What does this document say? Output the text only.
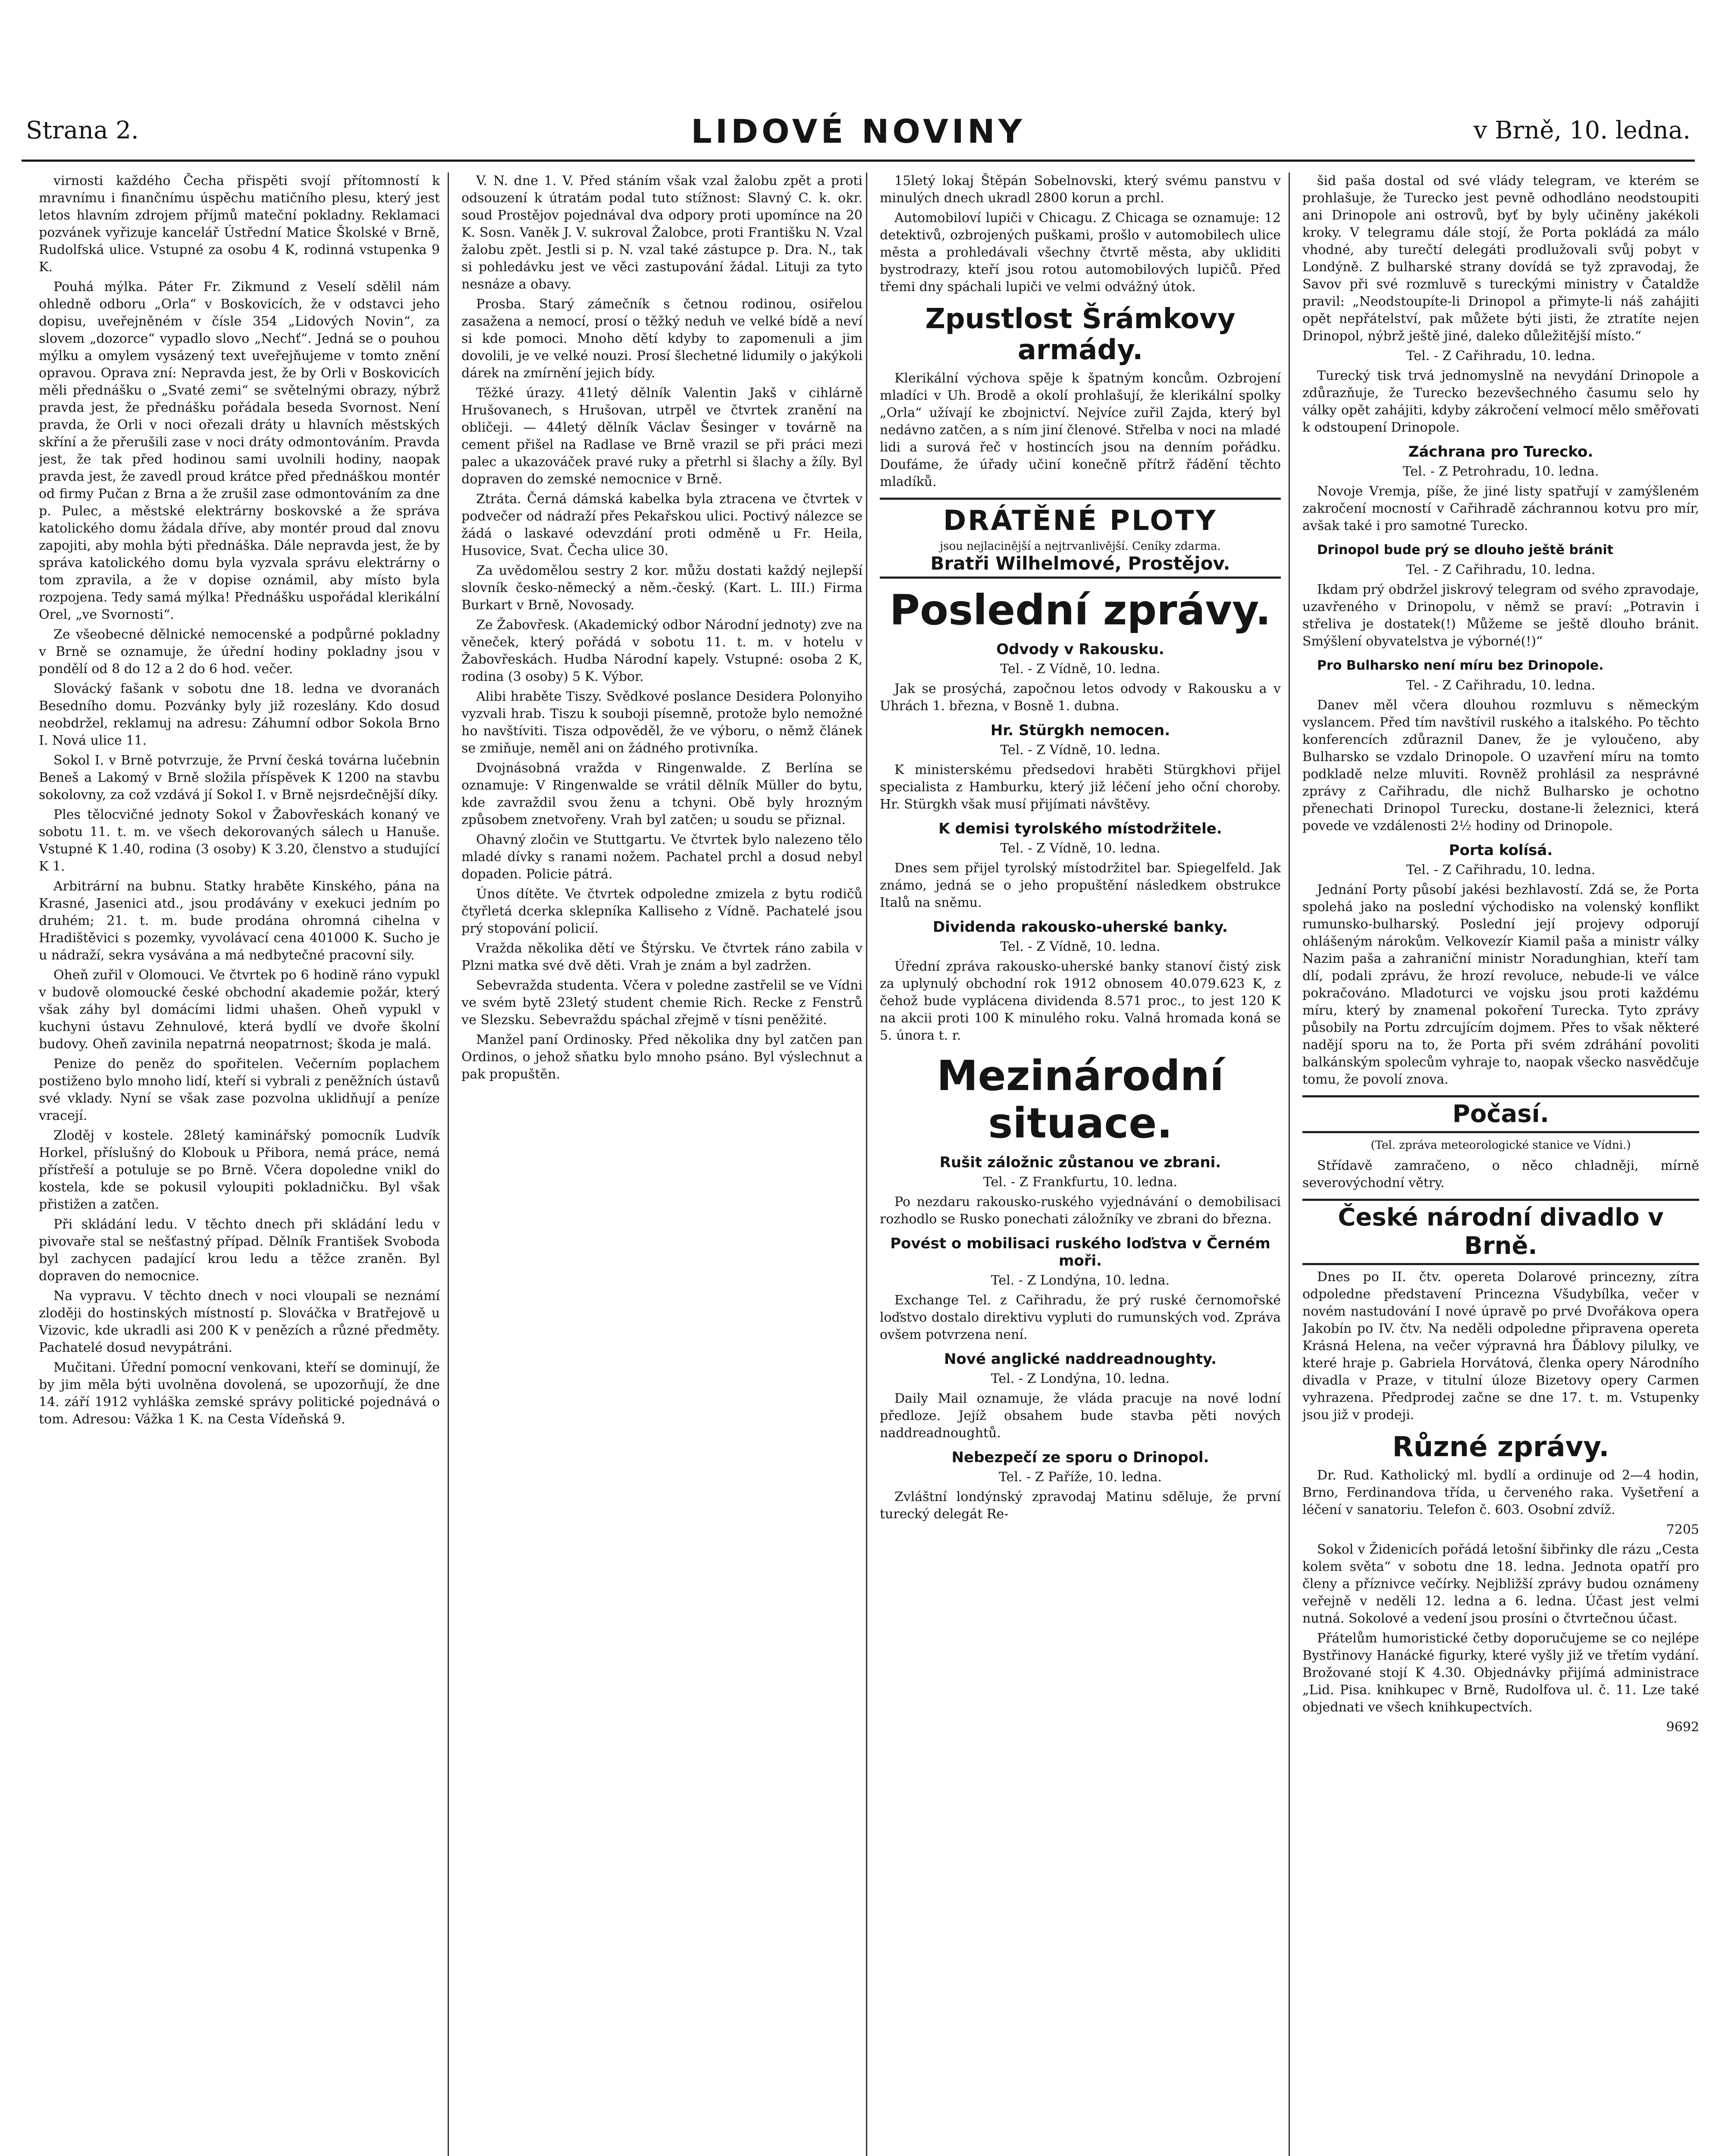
Strana 2.	LIDOVÉ NOVINY	v Brně, 10. ledna.

virnosti každého Čecha přispěti svojí přítomností k mravnímu i finančnímu úspěchu matičního plesu, který jest letos hlavním zdrojem příjmů mateční pokladny. Reklamaci pozvánek vyřizuje kancelář Ústřední Matice Školské v Brně, Rudolfská ulice. Vstupné za osobu 4 K, rodinná vstupenka 9 K.

Pouhá mýlka. Páter Fr. Zikmund z Veselí sdělil nám ohledně odboru „Orla“ v Boskovicích, že v odstavci jeho dopisu, uveřejněném v čísle 354 „Lidových Novin“, za slovem „dozorce“ vypadlo slovo „Nechť“. Jedná se o pouhou mýlku a omylem vysázený text uveřejňujeme v tomto znění opravou. Oprava zní: Nepravda jest, že by Orli v Boskovicích měli přednášku o „Svaté zemi“ se světelnými obrazy, nýbrž pravda jest, že přednášku pořádala beseda Svornost. Není pravda, že Orli v noci ořezali dráty u hlavních městských skříní a že přerušili zase v noci dráty odmontováním. Pravda jest, že tak před hodinou sami uvolnili hodiny, naopak pravda jest, že zavedl proud krátce před přednáškou montér od firmy Pučan z Brna a že zrušil zase odmontováním za dne p. Pulec, a městské elektrárny boskovské a že správa katolického domu žádala dříve, aby montér proud dal znovu zapojiti, aby mohla býti přednáška. Dále nepravda jest, že by správa katolického domu byla vyzvala správu elektrárny o tom zpravila, a že v dopise oznámil, aby místo byla rozpojena. Tedy samá mýlka! Přednášku uspořádal klerikální Orel, „ve Svornosti“.

Ze všeobecné dělnické nemocenské a podpůrné pokladny v Brně se oznamuje, že úřední hodiny pokladny jsou v pondělí od 8 do 12 a 2 do 6 hod. večer.

Slovácký fašank v sobotu dne 18. ledna ve dvoranách Besedního domu. Pozvánky byly již rozeslány. Kdo dosud neobdržel, reklamuj na adresu: Záhumní odbor Sokola Brno I. Nová ulice 11.

Sokol I. v Brně potvrzuje, že První česká továrna lučebnin Beneš a Lakomý v Brně složila příspěvek K 1200 na stavbu sokolovny, za což vzdává jí Sokol I. v Brně nejsrdečnější díky.

Ples tělocvičné jednoty Sokol v Žabovřeskách konaný ve sobotu 11. t. m. ve všech dekorovaných sálech u Hanuše. Vstupné K 1.40, rodina (3 osoby) K 3.20, členstvo a studující K 1.

Arbitrární na bubnu. Statky hraběte Kinského, pána na Krasné, Jasenici atd., jsou prodávány v exekuci jedním po druhém; 21. t. m. bude prodána ohromná cihelna v Hradištěvici s pozemky, vyvolávací cena 401000 K. Sucho je u nádraží, sekra vysávána a má nedbytečné pracovní sily.

Oheň zuřil v Olomouci. Ve čtvrtek po 6 hodině ráno vypukl v budově olomoucké české obchodní akademie požár, který však záhy byl domácími lidmi uhašen. Oheň vypukl v kuchyni ústavu Zehnulové, která bydlí ve dvoře školní budovy. Oheň zavinila nepatrná neopatrnost; škoda je malá.

Penize do peněz do spořitelen. Večerním poplachem postiženo bylo mnoho lidí, kteří si vybrali z peněžních ústavů své vklady. Nyní se však zase pozvolna uklidňují a peníze vracejí.

Zloděj v kostele. 28letý kaminářský pomocník Ludvík Horkel, příslušný do Klobouk u Přibora, nemá práce, nemá přístřeší a potuluje se po Brně. Včera dopoledne vnikl do kostela, kde se pokusil vyloupiti pokladničku. Byl však přistižen a zatčen.

Při skládání ledu. V těchto dnech při skládání ledu v pivovaře stal se nešťastný případ. Dělník František Svoboda byl zachycen padající krou ledu a těžce zraněn. Byl dopraven do nemocnice.

Na vypravu. V těchto dnech v noci vloupali se neznámí zloději do hostinských místností p. Slováčka v Bratřejově u Vizovic, kde ukradli asi 200 K v penězích a různé předměty. Pachatelé dosud nevypátráni.

Mučitani. Úřední pomocní venkovani, kteří se dominují, že by jim měla býti uvolněna dovolená, se upozorňují, že dne 14. září 1912 vyhláška zemské správy politické pojednává o tom. Adresou: Vážka 1 K. na Cesta Vídeňská 9.

V. N. dne 1. V. Před stáním však vzal žalobu zpět a proti odsouzení k útratám podal tuto stížnost: Slavný C. k. okr. soud Prostějov pojednával dva odpory proti upomínce na 20 K. Sosn. Vaněk J. V. sukroval Žalobce, proti Františku N. Vzal žalobu zpět. Jestli si p. N. vzal také zástupce p. Dra. N., tak si pohledávku jest ve věci zastupování žádal. Lituji za tyto nesnáze a obavy.

Prosba. Starý zámečník s četnou rodinou, osiřelou zasažena a nemocí, prosí o těžký neduh ve velké bídě a neví si kde pomoci. Mnoho dětí kdyby to zapomenuli a jim dovolili, je ve velké nouzi. Prosí šlechetné lidumily o jakýkoli dárek na zmírnění jejich bídy.

Těžké úrazy. 41letý dělník Valentin Jakš v cihlárně Hrušovanech, s Hrušovan, utrpěl ve čtvrtek zranění na obličeji. — 44letý dělník Václav Šesinger v továrně na cement přišel na Radlase ve Brně vrazil se při práci mezi palec a ukazováček pravé ruky a přetrhl si šlachy a žíly. Byl dopraven do zemské nemocnice v Brně.

Ztráta. Černá dámská kabelka byla ztracena ve čtvrtek v podvečer od nádraží přes Pekařskou ulici. Poctivý nálezce se žádá o laskavé odevzdání proti odměně u Fr. Heila, Husovice, Svat. Čecha ulice 30.

Za uvědomělou sestry 2 kor. můžu dostati každý nejlepší slovník česko-německý a něm.-český. (Kart. L. III.) Firma Burkart v Brně, Novosady.

Ze Žabovřesk. (Akademický odbor Národní jednoty) zve na věneček, který pořádá v sobotu 11. t. m. v hotelu v Žabovřeskách. Hudba Národní kapely. Vstupné: osoba 2 K, rodina (3 osoby) 5 K. Výbor.

Alibi hraběte Tiszy. Svědkové poslance Desidera Polonyiho vyzvali hrab. Tiszu k souboji písemně, protože bylo nemožné ho navštíviti. Tisza odpověděl, že ve výboru, o němž článek se zmiňuje, neměl ani on žádného protivníka.

Dvojnásobná vražda v Ringenwalde. Z Berlína se oznamuje: V Ringenwalde se vrátil dělník Müller do bytu, kde zavraždil svou ženu a tchyni. Obě byly hrozným způsobem znetvořeny. Vrah byl zatčen; u soudu se přiznal.

Ohavný zločin ve Stuttgartu. Ve čtvrtek bylo nalezeno tělo mladé dívky s ranami nožem. Pachatel prchl a dosud nebyl dopaden. Policie pátrá.

Únos dítěte. Ve čtvrtek odpoledne zmizela z bytu rodičů čtyřletá dcerka sklepníka Kalliseho z Vídně. Pachatelé jsou prý stopování policií.

Vražda několika dětí ve Štýrsku. Ve čtvrtek ráno zabila v Plzni matka své dvě děti. Vrah je znám a byl zadržen.

Sebevražda studenta. Včera v poledne zastřelil se ve Vídni ve svém bytě 23letý student chemie Rich. Recke z Fenstrů ve Slezsku. Sebevraždu spáchal zřejmě v tísni peněžité.

Manžel paní Ordinosky. Před několika dny byl zatčen pan Ordinos, o jehož sňatku bylo mnoho psáno. Byl výslechnut a pak propuštěn.

15letý lokaj Štěpán Sobelnovski, který svému panstvu v minulých dnech ukradl 2800 korun a prchl.

Automobiloví lupiči v Chicagu. Z Chicaga se oznamuje: 12 detektivů, ozbrojených puškami, prošlo v automobilech ulice města a prohledávali všechny čtvrtě města, aby ukliditi bystrodrazy, kteří jsou rotou automobilových lupičů. Před třemi dny spáchali lupiči ve velmi odvážný útok.

Zpustlost Šrámkovy armády.

Klerikální výchova spěje k špatným koncům. Ozbrojení mladíci v Uh. Brodě a okolí prohlašují, že klerikální spolky „Orla“ užívají ke zbojnictví. Nejvíce zuřil Zajda, který byl nedávno zatčen, a s ním jiní členové. Střelba v noci na mladé lidi a surová řeč v hostincích jsou na denním pořádku. Doufáme, že úřady učiní konečně přítrž řádění těchto mladíků.

DRÁTĚNÉ PLOTY
jsou nejlacinější a nejtrvanlivější. Ceníky zdarma.
Bratři Wilhelmové, Prostějov.
Poslední zprávy.
Odvody v Rakousku.
Tel. - Z Vídně, 10. ledna.

Jak se prosýchá, započnou letos odvody v Rakousku a v Uhrách 1. března, v Bosně 1. dubna.

Hr. Stürgkh nemocen.
Tel. - Z Vídně, 10. ledna.

K ministerskému předsedovi hraběti Stürgkhovi přijel specialista z Hamburku, který již léčení jeho oční choroby. Hr. Stürgkh však musí přijímati návštěvy.

K demisi tyrolského místodržitele.
Tel. - Z Vídně, 10. ledna.

Dnes sem přijel tyrolský místodržitel bar. Spiegelfeld. Jak známo, jedná se o jeho propuštění následkem obstrukce Italů na sněmu.

Dividenda rakousko-uherské banky.
Tel. - Z Vídně, 10. ledna.

Úřední zpráva rakousko-uherské banky stanoví čistý zisk za uplynulý obchodní rok 1912 obnosem 40.079.623 K, z čehož bude vyplácena dividenda 8.571 proc., to jest 120 K na akcii proti 100 K minulého roku. Valná hromada koná se 5. února t. r.

Mezinárodní situace.
Rušit záložnic zůstanou ve zbrani.
Tel. - Z Frankfurtu, 10. ledna.

Po nezdaru rakousko-ruského vyjednávání o demobilisaci rozhodlo se Rusko ponechati záložníky ve zbrani do března.

Povést o mobilisaci ruského loďstva v Černém moři.
Tel. - Z Londýna, 10. ledna.

Exchange Tel. z Cařihradu, že prý ruské černomořské loďstvo dostalo direktivu vypluti do rumunských vod. Zpráva ovšem potvrzena není.

Nové anglické naddreadnoughty.
Tel. - Z Londýna, 10. ledna.

Daily Mail oznamuje, že vláda pracuje na nové lodní předloze. Jejíž obsahem bude stavba pěti nových naddreadnoughtů.

Nebezpečí ze sporu o Drinopol.
Tel. - Z Paříže, 10. ledna.

Zvláštní londýnský zpravodaj Matinu sděluje, že první turecký delegát Re-

šid paša dostal od své vlády telegram, ve kterém se prohlašuje, že Turecko jest pevně odhodláno neodstoupiti ani Drinopole ani ostrovů, byť by byly učiněny jakékoli kroky. V telegramu dále stojí, že Porta pokládá za málo vhodné, aby turečtí delegáti prodlužovali svůj pobyt v Londýně. Z bulharské strany dovídá se tyž zpravodaj, že Savov při své rozmluvě s tureckými ministry v Čataldže pravil: „Neodstoupíte-li Drinopol a přimyte-li náš zahájiti opět nepřátelství, pak můžete býti jisti, že ztratíte nejen Drinopol, nýbrž ještě jiné, daleko důležitější místo.“

Tel. - Z Cařihradu, 10. ledna.

Turecký tisk trvá jednomyslně na nevydání Drinopole a zdůrazňuje, že Turecko bezevšechného časumu selo hy války opět zahájiti, kdyby zákročení velmocí mělo směřovati k odstoupení Drinopole.

Záchrana pro Turecko.
Tel. - Z Petrohradu, 10. ledna.

Novoje Vremja, píše, že jiné listy spatřují v zamýšleném zakročení mocností v Cařihradě záchrannou kotvu pro mír, avšak také i pro samotné Turecko.

Drinopol bude prý se dlouho ještě bránit
Tel. - Z Cařihradu, 10. ledna.

Ikdam prý obdržel jiskrový telegram od svého zpravodaje, uzavřeného v Drinopolu, v němž se praví: „Potravin i střeliva je dostatek(!) Můžeme se ještě dlouho bránit. Smýšlení obyvatelstva je výborné(!)“

Pro Bulharsko není míru bez Drinopole.
Tel. - Z Cařihradu, 10. ledna.

Danev měl včera dlouhou rozmluvu s německým vyslancem. Před tím navštívil ruského a italského. Po těchto konferencích zdůraznil Danev, že je vyloučeno, aby Bulharsko se vzdalo Drinopole. O uzavření míru na tomto podkladě nelze mluviti. Rovněž prohlásil za nesprávné zprávy z Cařihradu, dle nichž Bulharsko je ochotno přenechati Drinopol Turecku, dostane-li železnici, která povede ve vzdálenosti 2½ hodiny od Drinopole.

Porta kolísá.
Tel. - Z Cařihradu, 10. ledna.

Jednání Porty působí jakési bezhlavostí. Zdá se, že Porta spolehá jako na poslední východisko na volenský konflikt rumunsko-bulharský. Poslední její projevy odporují ohlášeným nárokům. Velkovezír Kiamil paša a ministr války Nazim paša a zahraniční ministr Noradunghian, kteří tam dlí, podali zprávu, že hrozí revoluce, nebude-li ve válce pokračováno. Mladoturci ve vojsku jsou proti každému míru, který by znamenal pokoření Turecka. Tyto zprávy působily na Portu zdrcujícím dojmem. Přes to však některé nadějí sporu na to, že Porta při svém zdráhání povoliti balkánským spolecům vyhraje to, naopak všecko nasvědčuje tomu, že povolí znova.

Počasí.
(Tel. zpráva meteorologické stanice ve Vídni.)

Střídavě zamračeno, o něco chladněji, mírně severovýchodní větry.

České národní divadlo v Brně.

Dnes po II. čtv. opereta Dolarové princezny, zítra odpoledne představení Princezna Všudybílka, večer v novém nastudování I nové úpravě po prvé Dvořákova opera Jakobín po IV. čtv. Na neděli odpoledne připravena opereta Krásná Helena, na večer výpravná hra Ďáblovy pilulky, ve které hraje p. Gabriela Horvátová, členka opery Národního divadla v Praze, v titulní úloze Bizetovy opery Carmen vyhrazena. Předprodej začne se dne 17. t. m. Vstupenky jsou již v prodeji.

Různé zprávy.

Dr. Rud. Katholický ml. bydlí a ordinuje od 2—4 hodin, Brno, Ferdinandova třída, u červeného raka. Vyšetření a léčení v sanatoriu. Telefon č. 603. Osobní zdvíž.

7205

Sokol v Židenicích pořádá letošní šibřinky dle rázu „Cesta kolem světa“ v sobotu dne 18. ledna. Jednota opatří pro členy a příznivce večírky. Nejbližší zprávy budou oznámeny veřejně v neděli 12. ledna a 6. ledna. Účast jest velmi nutná. Sokolové a vedení jsou prosíni o čtvrtečnou účast.

Přátelům humoristické četby doporučujeme se co nejlépe Bystřinovy Hanácké figurky, které vyšly již ve třetím vydání. Brožované stojí K 4.30. Objednávky přijímá administrace „Lid. Pisa. knihkupec v Brně, Rudolfova ul. č. 11. Lze také objednati ve všech knihkupectvích.

9692
